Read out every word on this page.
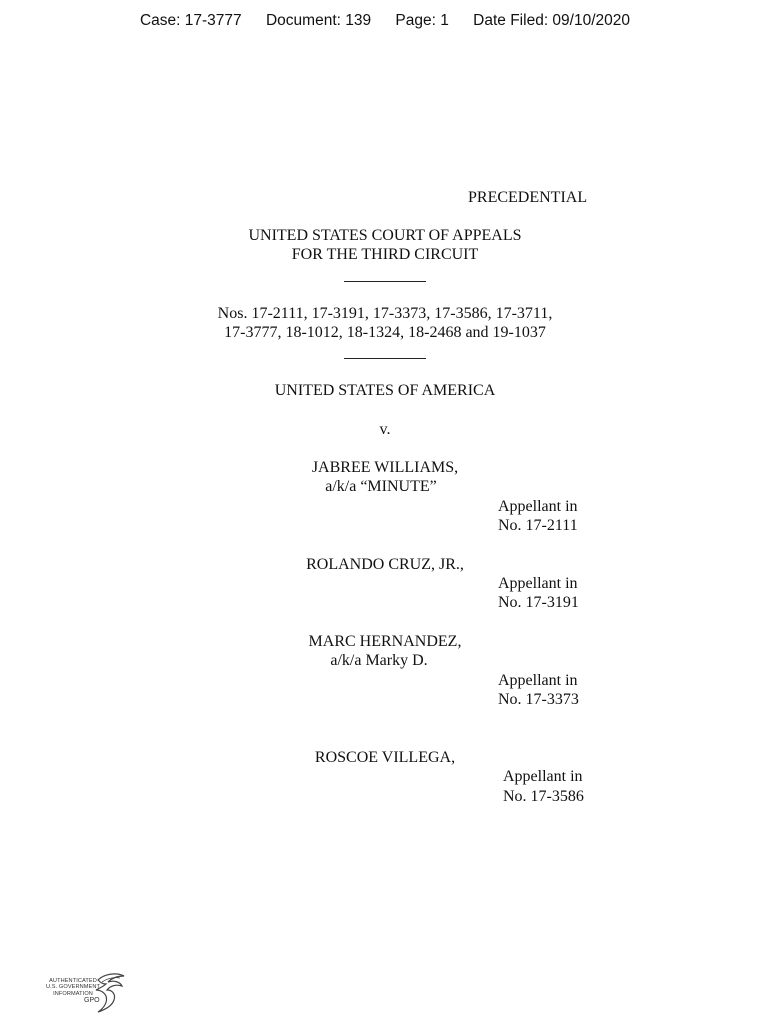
Case: 17-3777 Document: 139 Page: 1 Date Filed: 09/10/2020
PRECEDENTIAL
UNITED STATES COURT OF APPEALS
FOR THE THIRD CIRCUIT
Nos. 17-2111, 17-3191, 17-3373, 17-3586, 17-3711,
17-3777, 18-1012, 18-1324, 18-2468 and 19-1037
UNITED STATES OF AMERICA
v.
JABREE WILLIAMS,
a/k/a “MINUTE”
Appellant in
No. 17-2111
ROLANDO CRUZ, JR.,
Appellant in
No. 17-3191
MARC HERNANDEZ,
a/k/a Marky D.
Appellant in
No. 17-3373
ROSCOE VILLEGA,
Appellant in
No. 17-3586
AUTHENTICATED
U.S. GOVERNMENT
INFORMATION
GPO
